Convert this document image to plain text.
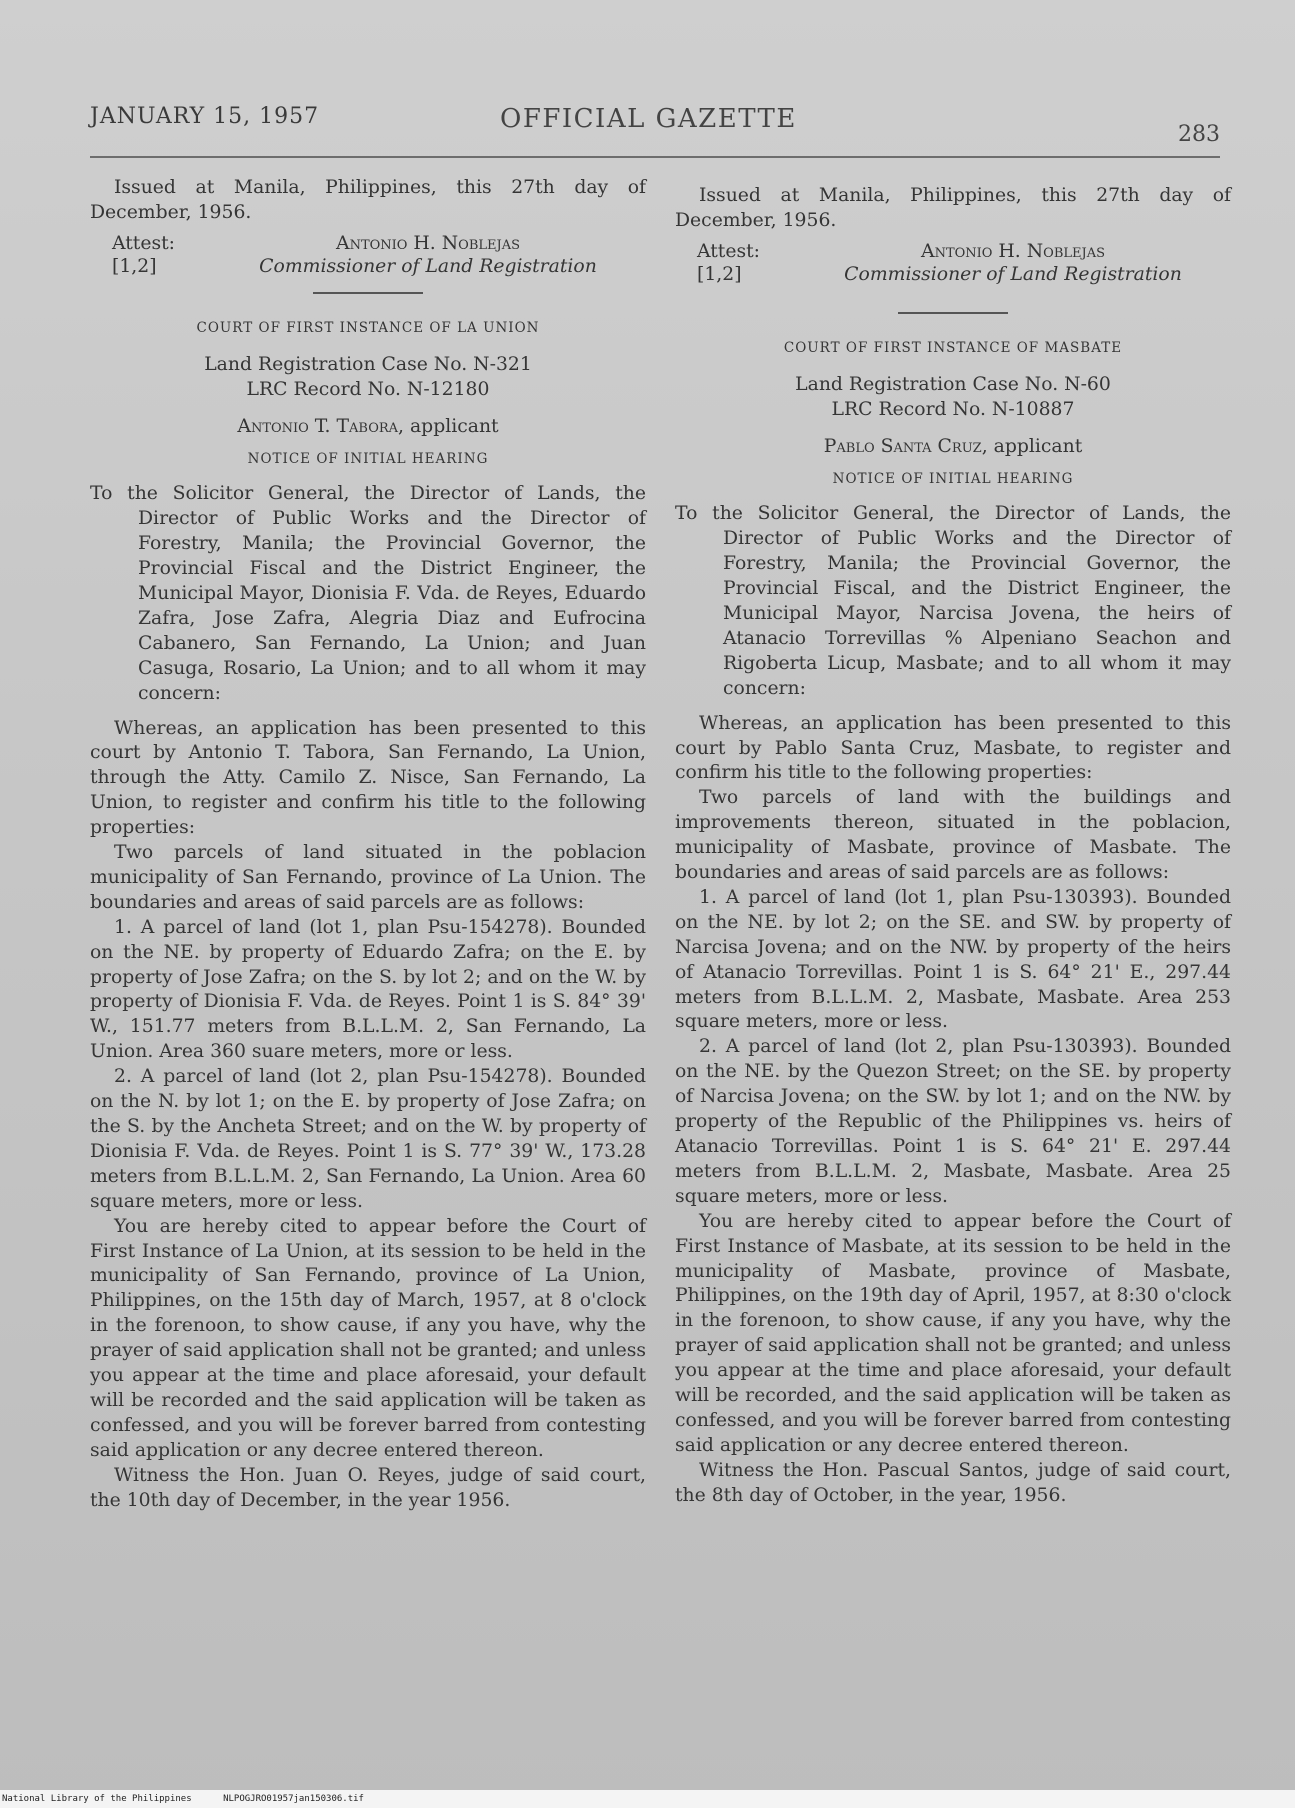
JANUARY 15, 1957	OFFICIAL GAZETTE
283

Issued at Manila, Philippines, this 27th day of December, 1956.

Attest:
[1,2]
Antonio H. Noblejas
Commissioner of Land Registration
COURT OF FIRST INSTANCE OF LA UNION
Land Registration Case No. N-321
LRC Record No. N-12180
Antonio T. Tabora, applicant
NOTICE OF INITIAL HEARING

To the Solicitor General, the Director of Lands, the Director of Public Works and the Director of Forestry, Manila; the Provincial Governor, the Provincial Fiscal and the District Engineer, the Municipal Mayor, Dionisia F. Vda. de Reyes, Eduardo Zafra, Jose Zafra, Alegria Diaz and Eufrocina Cabanero, San Fernando, La Union; and Juan Casuga, Rosario, La Union; and to all whom it may concern:

Whereas, an application has been presented to this court by Antonio T. Tabora, San Fernando, La Union, through the Atty. Camilo Z. Nisce, San Fernando, La Union, to register and confirm his title to the following properties:

Two parcels of land situated in the poblacion municipality of San Fernando, province of La Union. The boundaries and areas of said parcels are as follows:

1. A parcel of land (lot 1, plan Psu-154278). Bounded on the NE. by property of Eduardo Zafra; on the E. by property of Jose Zafra; on the S. by lot 2; and on the W. by property of Dionisia F. Vda. de Reyes. Point 1 is S. 84° 39' W., 151.77 meters from B.L.L.M. 2, San Fernando, La Union. Area 360 suare meters, more or less.

2. A parcel of land (lot 2, plan Psu-154278). Bounded on the N. by lot 1; on the E. by property of Jose Zafra; on the S. by the Ancheta Street; and on the W. by property of Dionisia F. Vda. de Reyes. Point 1 is S. 77° 39' W., 173.28 meters from B.L.L.M. 2, San Fernando, La Union. Area 60 square meters, more or less.

You are hereby cited to appear before the Court of First Instance of La Union, at its session to be held in the municipality of San Fernando, province of La Union, Philippines, on the 15th day of March, 1957, at 8 o'clock in the forenoon, to show cause, if any you have, why the prayer of said application shall not be granted; and unless you appear at the time and place aforesaid, your default will be recorded and the said application will be taken as confessed, and you will be forever barred from contesting said application or any decree entered thereon.

Witness the Hon. Juan O. Reyes, judge of said court, the 10th day of December, in the year 1956.

Issued at Manila, Philippines, this 27th day of December, 1956.

Attest:
[1,2]
Antonio H. Noblejas
Commissioner of Land Registration
COURT OF FIRST INSTANCE OF MASBATE
Land Registration Case No. N-60
LRC Record No. N-10887
Pablo Santa Cruz, applicant
NOTICE OF INITIAL HEARING

To the Solicitor General, the Director of Lands, the Director of Public Works and the Director of Forestry, Manila; the Provincial Governor, the Provincial Fiscal, and the District Engineer, the Municipal Mayor, Narcisa Jovena, the heirs of Atanacio Torrevillas % Alpeniano Seachon and Rigoberta Licup, Masbate; and to all whom it may concern:

Whereas, an application has been presented to this court by Pablo Santa Cruz, Masbate, to register and confirm his title to the following properties:

Two parcels of land with the buildings and improvements thereon, situated in the poblacion, municipality of Masbate, province of Masbate. The boundaries and areas of said parcels are as follows:

1. A parcel of land (lot 1, plan Psu-130393). Bounded on the NE. by lot 2; on the SE. and SW. by property of Narcisa Jovena; and on the NW. by property of the heirs of Atanacio Torrevillas. Point 1 is S. 64° 21' E., 297.44 meters from B.L.L.M. 2, Masbate, Masbate. Area 253 square meters, more or less.

2. A parcel of land (lot 2, plan Psu-130393). Bounded on the NE. by the Quezon Street; on the SE. by property of Narcisa Jovena; on the SW. by lot 1; and on the NW. by property of the Republic of the Philippines vs. heirs of Atanacio Torrevillas. Point 1 is S. 64° 21' E. 297.44 meters from B.L.L.M. 2, Masbate, Masbate. Area 25 square meters, more or less.

You are hereby cited to appear before the Court of First Instance of Masbate, at its session to be held in the municipality of Masbate, province of Masbate, Philippines, on the 19th day of April, 1957, at 8:30 o'clock in the forenoon, to show cause, if any you have, why the prayer of said application shall not be granted; and unless you appear at the time and place aforesaid, your default will be recorded, and the said application will be taken as confessed, and you will be forever barred from contesting said application or any decree entered thereon.

Witness the Hon. Pascual Santos, judge of said court, the 8th day of October, in the year, 1956.

National Library of the Philippines	NLPOGJRO01957jan150306.tif
